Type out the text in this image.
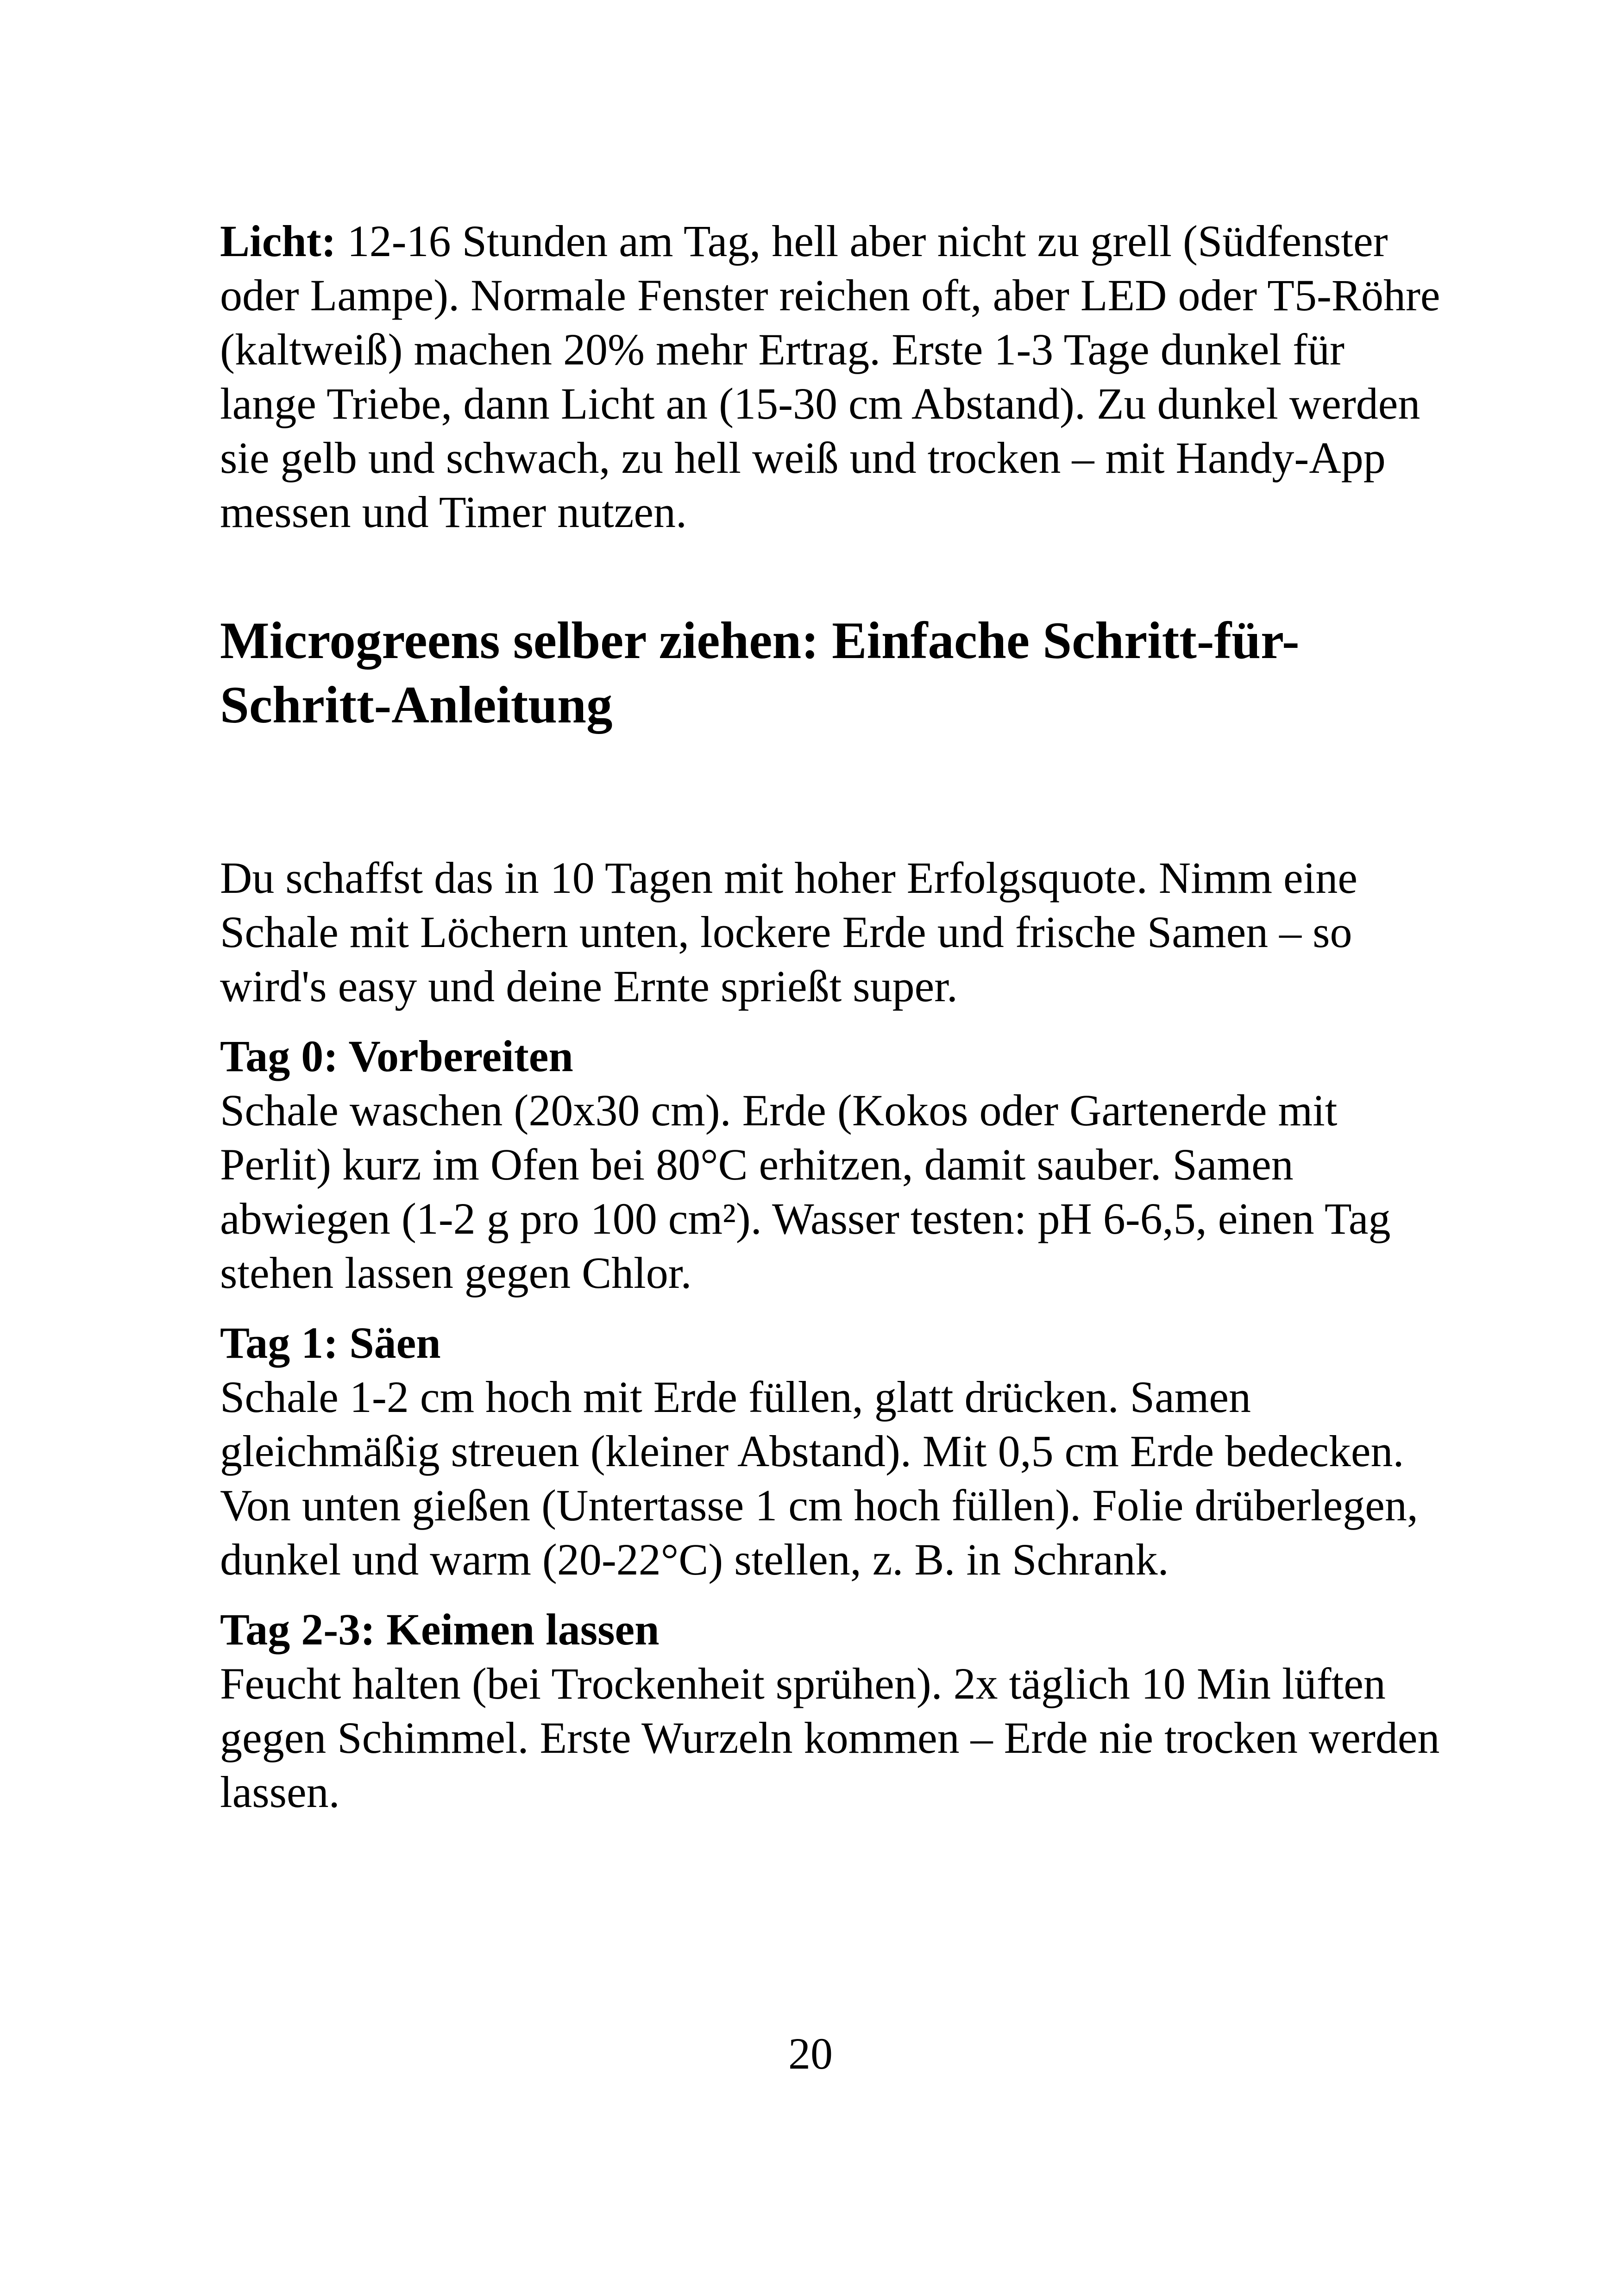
Licht: 12-16 Stunden am Tag, hell aber nicht zu grell (Südfenster oder Lampe). Normale Fenster reichen oft, aber LED oder T5-Röhre (kaltweiß) machen 20% mehr Ertrag. Erste 1-3 Tage dunkel für lange Triebe, dann Licht an (15-30 cm Abstand). Zu dunkel werden sie gelb und schwach, zu hell weiß und trocken – mit Handy-App messen und Timer nutzen.

Microgreens selber ziehen: Einfache Schritt-für-Schritt-Anleitung

Du schaffst das in 10 Tagen mit hoher Erfolgsquote. Nimm eine Schale mit Löchern unten, lockere Erde und frische Samen – so wird's easy und deine Ernte sprießt super.

Tag 0: Vorbereiten

Schale waschen (20x30 cm). Erde (Kokos oder Gartenerde mit Perlit) kurz im Ofen bei 80°C erhitzen, damit sauber. Samen abwiegen (1-2 g pro 100 cm²). Wasser testen: pH 6-6,5, einen Tag stehen lassen gegen Chlor.

Tag 1: Säen

Schale 1-2 cm hoch mit Erde füllen, glatt drücken. Samen gleichmäßig streuen (kleiner Abstand). Mit 0,5 cm Erde bedecken. Von unten gießen (Untertasse 1 cm hoch füllen). Folie drüberlegen, dunkel und warm (20-22°C) stellen, z. B. in Schrank.

Tag 2-3: Keimen lassen

Feucht halten (bei Trockenheit sprühen). 2x täglich 10 Min lüften gegen Schimmel. Erste Wurzeln kommen – Erde nie trocken werden lassen.

20
